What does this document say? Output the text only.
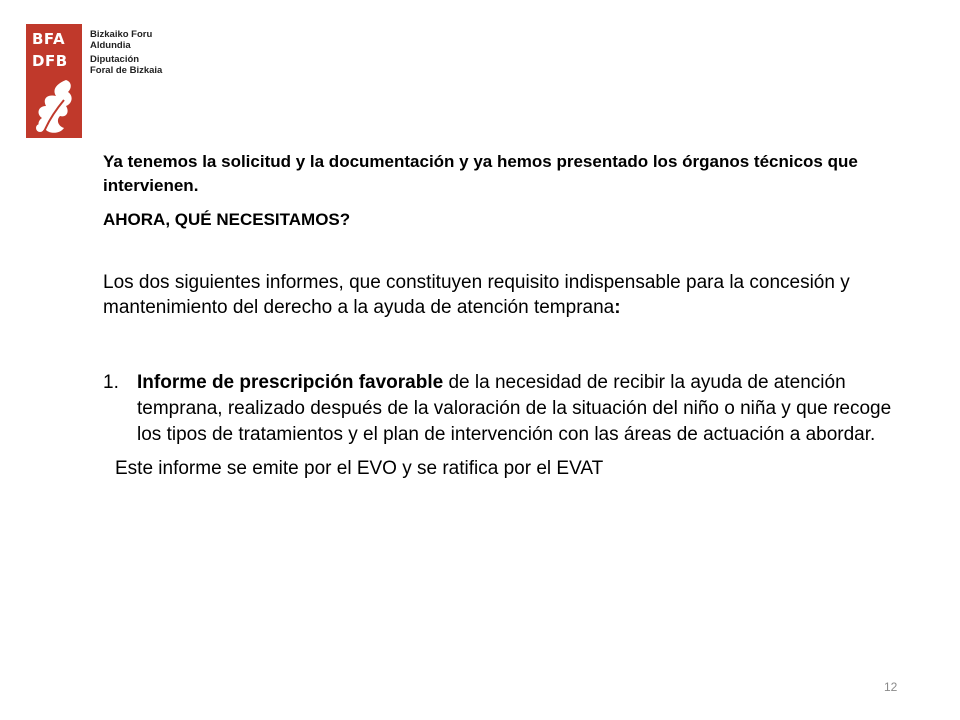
BFA
DFB
Bizkaiko Foru
Aldundia
Diputación
Foral de Bizkaia

Ya tenemos la solicitud y la documentación y ya hemos presentado los órganos técnicos que intervienen.

AHORA, QUÉ NECESITAMOS?

Los dos siguientes informes, que constituyen requisito indispensable para la concesión y mantenimiento del derecho a la ayuda de atención temprana:

1. Informe de prescripción favorable de la necesidad de recibir la ayuda de atención temprana, realizado después de la valoración de la situación del niño o niña y que recoge los tipos de tratamientos y el plan de intervención con las áreas de actuación a abordar.

Este informe se emite por el EVO y se ratifica por el EVAT

12
